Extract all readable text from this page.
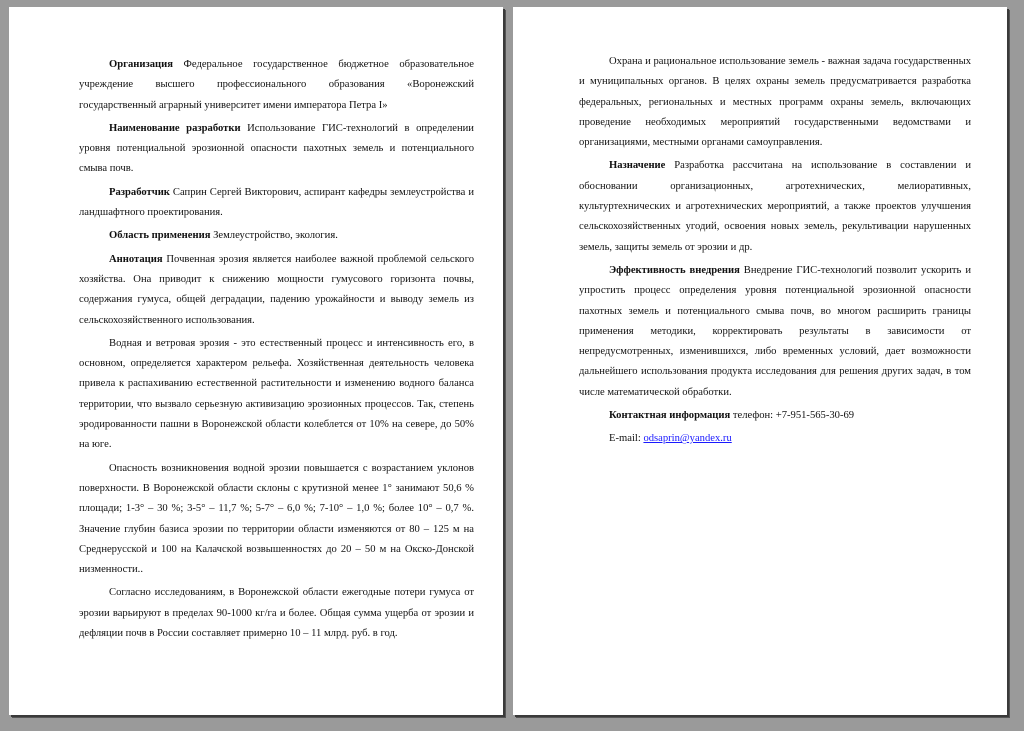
Организация Федеральное государственное бюджетное образовательное учреждение высшего профессионального образования «Воронежский государственный аграрный университет имени императора Петра I»

Наименование разработки Использование ГИС-технологий в определении уровня потенциальной эрозионной опасности пахотных земель и потенциального смыва почв.

Разработчик Саприн Сергей Викторович, аспирант кафедры землеустройства и ландшафтного проектирования.

Область применения Землеустройство, экология.

Аннотация Почвенная эрозия является наиболее важной проблемой сельского хозяйства. Она приводит к снижению мощности гумусового горизонта почвы, содержания гумуса, общей деградации, падению урожайности и выводу земель из сельскохозяйственного использования.

Водная и ветровая эрозия - это естественный процесс и интенсивность его, в основном, определяется характером рельефа. Хозяйственная деятельность человека привела к распахиванию естественной растительности и изменению водного баланса территории, что вызвало серьезную активизацию эрозионных процессов. Так, степень эродированности пашни в Воронежской области колеблется от 10% на севере, до 50% на юге.

Опасность возникновения водной эрозии повышается с возрастанием уклонов поверхности. В Воронежской области склоны с крутизной менее 1° занимают 50,6 % площади; 1-3° – 30 %; 3-5° – 11,7 %; 5-7° – 6,0 %; 7-10° – 1,0 %; более 10° – 0,7 %. Значение глубин базиса эрозии по территории области изменяются от 80 – 125 м на Среднерусской и 100 на Калачской возвышенностях до 20 – 50 м на Окско-Донской низменности..

Согласно исследованиям, в Воронежской области ежегодные потери гумуса от эрозии варьируют в пределах 90-1000 кг/га и более. Общая сумма ущерба от эрозии и дефляции почв в России составляет примерно 10 – 11 млрд. руб. в год.

Охрана и рациональное использование земель - важная задача государственных и муниципальных органов. В целях охраны земель предусматривается разработка федеральных, региональных и местных программ охраны земель, включающих проведение необходимых мероприятий государственными ведомствами и организациями, местными органами самоуправления.

Назначение Разработка рассчитана на использование в составлении и обосновании организационных, агротехнических, мелиоративных, культуртехнических и агротехнических мероприятий, а также проектов улучшения сельскохозяйственных угодий, освоения новых земель, рекультивации нарушенных земель, защиты земель от эрозии и др.

Эффективность внедрения Внедрение ГИС-технологий позволит ускорить и упростить процесс определения уровня потенциальной эрозионной опасности пахотных земель и потенциального смыва почв, во многом расширить границы применения методики, корректировать результаты в зависимости от непредусмотренных, изменившихся, либо временных условий, дает возможности дальнейшего использования продукта исследования для решения других задач, в том числе математической обработки.

Контактная информация телефон: +7-951-565-30-69

E-mail: odsaprin@yandex.ru
